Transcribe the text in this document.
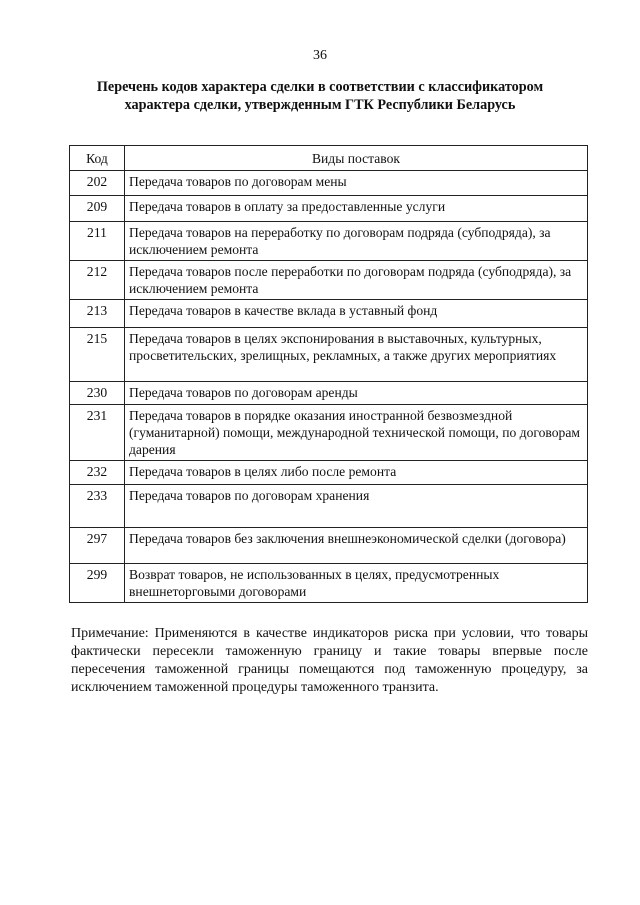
36
Перечень кодов характера сделки в соответствии с классификатором
характера сделки, утвержденным ГТК Республики Беларусь
Код	Виды поставок
202	Передача товаров по договорам мены
209	Передача товаров в оплату за предоставленные услуги
211	Передача товаров на переработку по договорам подряда (субподряда), за исключением ремонта
212	Передача товаров после переработки по договорам подряда (субподряда), за исключением ремонта
213	Передача товаров в качестве вклада в уставный фонд
215	Передача товаров в целях экспонирования в выставочных, культурных, просветительских, зрелищных, рекламных, а также других мероприятиях
230	Передача товаров по договорам аренды
231	Передача товаров в порядке оказания иностранной безвозмездной (гуманитарной) помощи, международной технической помощи, по договорам дарения
232	Передача товаров в целях либо после ремонта
233	Передача товаров по договорам хранения
297	Передача товаров без заключения внешнеэкономической сделки (договора)
299	Возврат товаров, не использованных в целях, предусмотренных внешнеторговыми договорами
Примечание: Применяются в качестве индикаторов риска при условии, что товары фактически пересекли таможенную границу и такие товары впервые после пересечения таможенной границы помещаются под таможенную процедуру, за исключением таможенной процедуры таможенного транзита.
